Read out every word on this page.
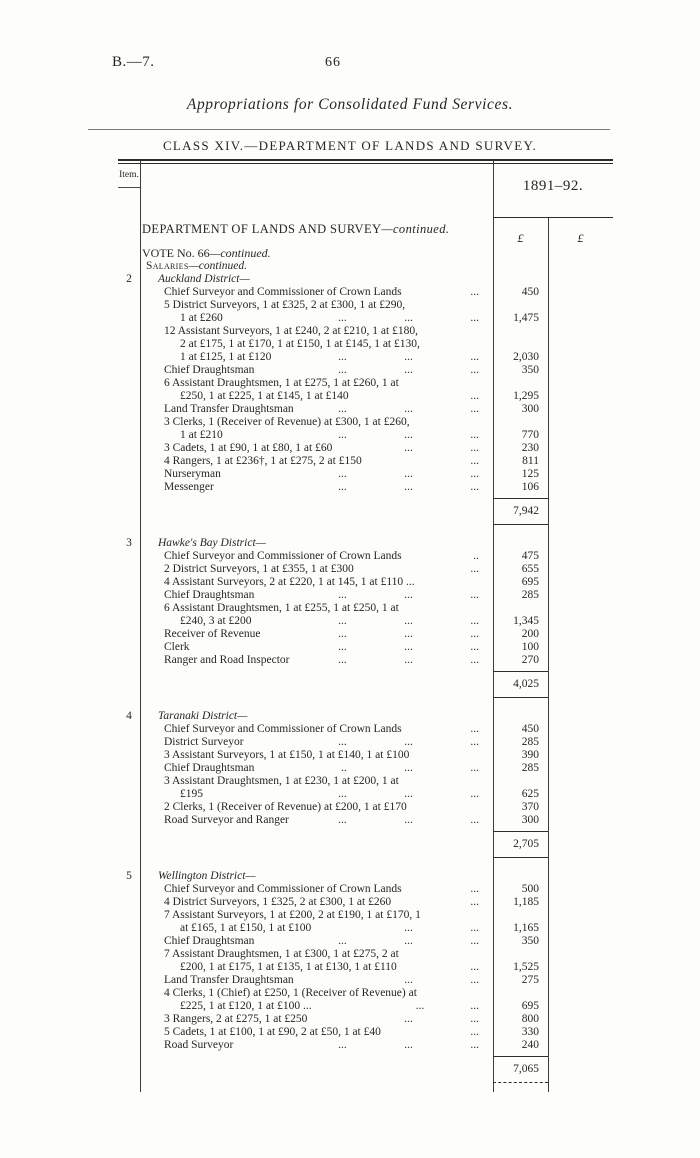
B.—7.	66
Appropriations for Consolidated Fund Services.
CLASS XIV.—DEPARTMENT OF LANDS AND SURVEY.
Item.
1891–92.
£	£
DEPARTMENT OF LANDS AND SURVEY —continued.
VOTE No. 66 —continued.
Salaries —continued.
2	Auckland District—
Chief Surveyor and Commissioner of Crown Lands	...	450
5 District Surveyors, 1 at £325, 2 at £300, 1 at £290,
1 at £260	...     ...     ...	1,475
12 Assistant Surveyors, 1 at £240, 2 at £210, 1 at £180,
2 at £175, 1 at £170, 1 at £150, 1 at £145, 1 at £130,
1 at £125, 1 at £120	...     ...     ...	2,030
Chief Draughtsman	...     ...     ...	350
6 Assistant Draughtsmen, 1 at £275, 1 at £260, 1 at
£250, 1 at £225, 1 at £145, 1 at £140	...	1,295
Land Transfer Draughtsman	...     ...     ...	300
3 Clerks, 1 (Receiver of Revenue) at £300, 1 at £260,
1 at £210	...     ...     ...	770
3 Cadets, 1 at £90, 1 at £80, 1 at £60	...     ...	230
4 Rangers, 1 at £236†, 1 at £275, 2 at £150	...	811
Nurseryman	...     ...     ...	125
Messenger	...     ...     ...	106
7,942
3	Hawke's Bay District—
Chief Surveyor and Commissioner of Crown Lands	..	475
2 District Surveyors, 1 at £355, 1 at £300	...	655
4 Assistant Surveyors, 2 at £220, 1 at 145, 1 at £110 ...	695
Chief Draughtsman	...     ...     ...	285
6 Assistant Draughtsmen, 1 at £255, 1 at £250, 1 at
£240, 3 at £200	...     ...     ...	1,345
Receiver of Revenue	...     ...     ...	200
Clerk	...     ...     ...	100
Ranger and Road Inspector	...     ...     ...	270
4,025
4	Taranaki District—
Chief Surveyor and Commissioner of Crown Lands	...	450
District Surveyor	...     ...     ...	285
3 Assistant Surveyors, 1 at £150, 1 at £140, 1 at £100	390
Chief Draughtsman	..     ...     ...	285
3 Assistant Draughtsmen, 1 at £230, 1 at £200, 1 at
£195	...     ...     ...	625
2 Clerks, 1 (Receiver of Revenue) at £200, 1 at £170	370
Road Surveyor and Ranger	...     ...     ...	300
2,705
5	Wellington District—
Chief Surveyor and Commissioner of Crown Lands	...	500
4 District Surveyors, 1 £325, 2 at £300, 1 at £260	...	1,185
7 Assistant Surveyors, 1 at £200, 2 at £190, 1 at £170, 1
at £165, 1 at £150, 1 at £100	...     ...	1,165
Chief Draughtsman	...     ...     ...	350
7 Assistant Draughtsmen, 1 at £300, 1 at £275, 2 at
£200, 1 at £175, 1 at £135, 1 at £130, 1 at £110	...	1,525
Land Transfer Draughtsman	...     ...	275
4 Clerks, 1 (Chief) at £250, 1 (Receiver of Revenue) at
£225, 1 at £120, 1 at £100 ...	...    ...	695
3 Rangers, 2 at £275, 1 at £250	...     ...	800
5 Cadets, 1 at £100, 1 at £90, 2 at £50, 1 at £40	...	330
Road Surveyor	...     ...     ...	240
7,065
